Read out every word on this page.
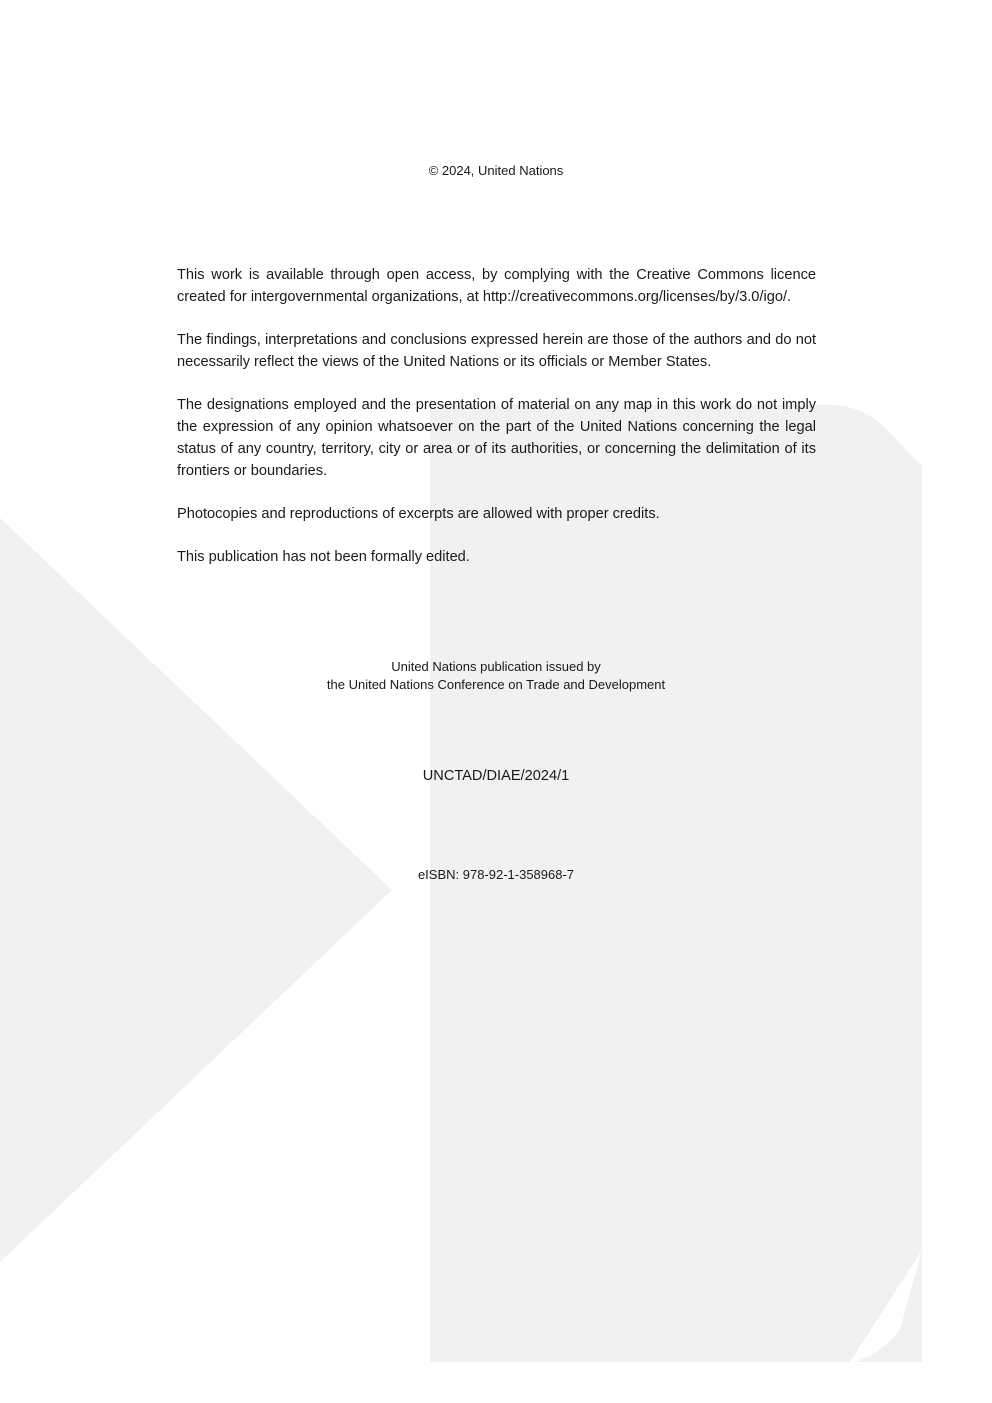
© 2024, United Nations

This work is available through open access, by complying with the Creative Commons licence created for intergovernmental organizations, at http://creativecommons.org/licenses/by/3.0/igo/.

The findings, interpretations and conclusions expressed herein are those of the authors and do not necessarily reflect the views of the United Nations or its officials or Member States.

The designations employed and the presentation of material on any map in this work do not imply the expression of any opinion whatsoever on the part of the United Nations concerning the legal status of any country, territory, city or area or of its authorities, or concerning the delimitation of its frontiers or boundaries.

Photocopies and reproductions of excerpts are allowed with proper credits.

This publication has not been formally edited.

United Nations publication issued by
the United Nations Conference on Trade and Development
UNCTAD/DIAE/2024/1
eISBN: 978-92-1-358968-7
